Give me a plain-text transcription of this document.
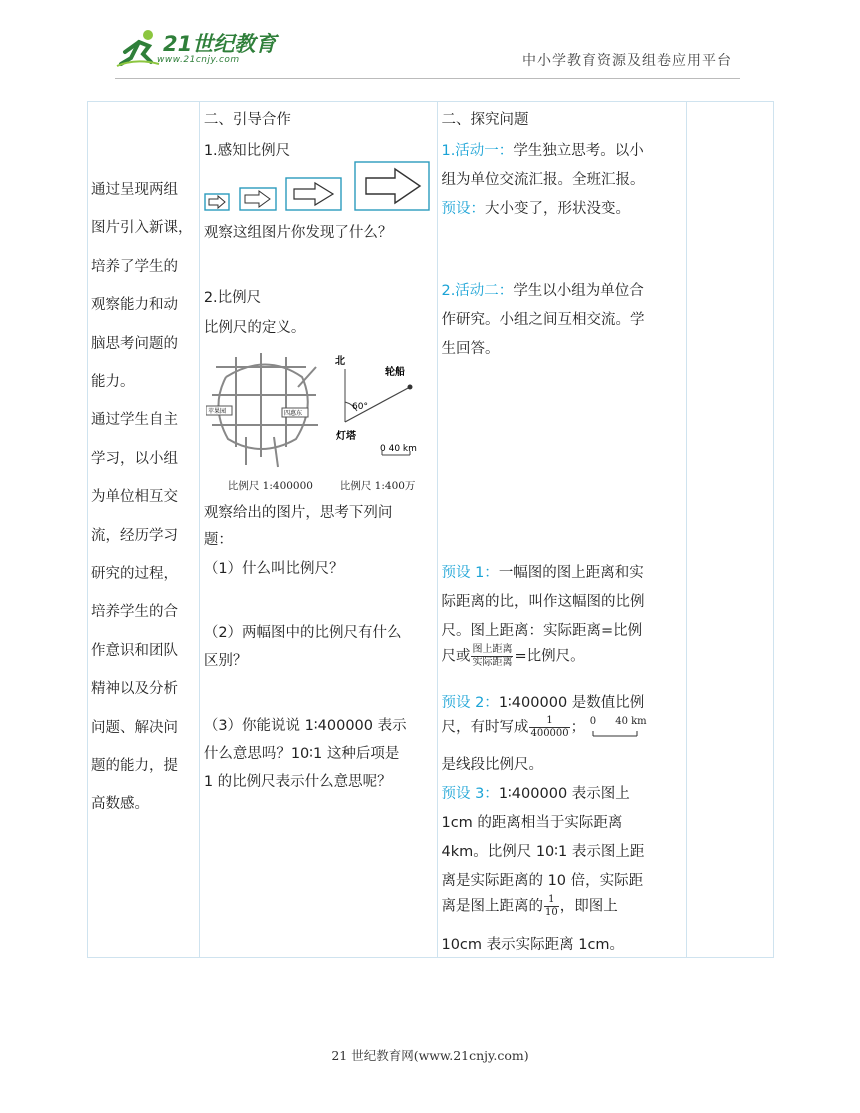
21世纪教育
www.21cnjy.com	中小学教育资源及组卷应用平台
通过呈现两组
图片引入新课，
培养了学生的
观察能力和动
脑思考问题的
能力。
通过学生自主
学习，以小组
为单位相互交
流，经历学习
研究的过程，
培养学生的合
作意识和团队
精神以及分析
问题、解决问
题的能力，提
高数感。

二、引导合作
1.感知比例尺
观察这组图片你发现了什么？
2.比例尺
比例尺的定义。
苹果园	四惠东
比例尺 1:400000
北
60°
轮船
灯塔
0 40 km
比例尺 1:400万
观察给出的图片，思考下列问
题：
（1）什么叫比例尺？
（2）两幅图中的比例尺有什么
区别？
（3）你能说说 1∶400000 表示
什么意思吗？10∶1 这种后项是
1 的比例尺表示什么意思呢？

二、探究问题
1.活动一：学生独立思考。以小
组为单位交流汇报。全班汇报。
预设：大小变了，形状没变。
2.活动二：学生以小组为单位合
作研究。小组之间互相交流。学
生回答。
预设 1：一幅图的图上距离和实
际距离的比，叫作这幅图的比例
尺。图上距离：实际距离=比例
尺或 $\frac{\text{图上距离}}{\text{实际距离}}$ =比例尺。
预设 2：1∶400000 是数值比例
尺，有时写成 $\frac{1}{400000}$ ； 0      40 km
是线段比例尺。
预设 3：1∶400000 表示图上
1cm 的距离相当于实际距离
4km。比例尺 10∶1 表示图上距
离是实际距离的 10 倍，实际距
离是图上距离的 $\frac{1}{10}$ ，即图上
10cm 表示实际距离 1cm。

21 世纪教育网(www.21cnjy.com)
